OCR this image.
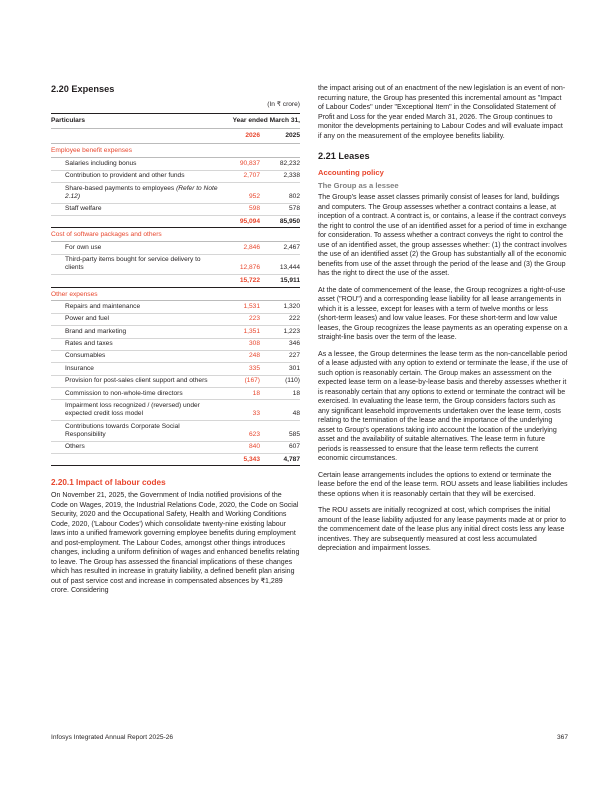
2.20 Expenses
(In ₹ crore)
Particulars	Year ended March 31,	
	2026	2025
Employee benefit expenses		
Salaries including bonus	90,837	82,232
Contribution to provident and other funds	2,707	2,338
Share-based payments to employees (Refer to Note 2.12)	952	802
Staff welfare	598	578
	95,094	85,950
Cost of software packages and others		
For own use	2,846	2,467
Third-party items bought for service delivery to clients	12,876	13,444
	15,722	15,911
Other expenses		
Repairs and maintenance	1,531	1,320
Power and fuel	223	222
Brand and marketing	1,351	1,223
Rates and taxes	308	346
Consumables	248	227
Insurance	335	301
Provision for post-sales client support and others	(167)	(110)
Commission to non-whole-time directors	18	18
Impairment loss recognized / (reversed) under expected credit loss model	33	48
Contributions towards Corporate Social Responsibility	623	585
Others	840	607
	5,343	4,787
2.20.1 Impact of labour codes

On November 21, 2025, the Government of India notified provisions of the Code on Wages, 2019, the Industrial Relations Code, 2020, the Code on Social Security, 2020 and the Occupational Safety, Health and Working Conditions Code, 2020, ('Labour Codes') which consolidate twenty-nine existing labour laws into a unified framework governing employee benefits during employment and post-employment. The Labour Codes, amongst other things introduces changes, including a uniform definition of wages and enhanced benefits relating to leave. The Group has assessed the financial implications of these changes which has resulted in increase in gratuity liability, a defined benefit plan arising out of past service cost and increase in compensated absences by ₹1,289 crore. Considering

the impact arising out of an enactment of the new legislation is an event of non-recurring nature, the Group has presented this incremental amount as "Impact of Labour Codes" under "Exceptional Item" in the Consolidated Statement of Profit and Loss for the year ended March 31, 2026. The Group continues to monitor the developments pertaining to Labour Codes and will evaluate impact if any on the measurement of the employee benefits liability.

2.21 Leases
Accounting policy
The Group as a lessee

The Group's lease asset classes primarily consist of leases for land, buildings and computers. The Group assesses whether a contract contains a lease, at inception of a contract. A contract is, or contains, a lease if the contract conveys the right to control the use of an identified asset for a period of time in exchange for consideration. To assess whether a contract conveys the right to control the use of an identified asset, the group assesses whether: (1) the contract involves the use of an identified asset (2) the Group has substantially all of the economic benefits from use of the asset through the period of the lease and (3) the Group has the right to direct the use of the asset.

At the date of commencement of the lease, the Group recognizes a right-of-use asset ("ROU") and a corresponding lease liability for all lease arrangements in which it is a lessee, except for leases with a term of twelve months or less (short-term leases) and low value leases. For these short-term and low value leases, the Group recognizes the lease payments as an operating expense on a straight-line basis over the term of the lease.

As a lessee, the Group determines the lease term as the non-cancellable period of a lease adjusted with any option to extend or terminate the lease, if the use of such option is reasonably certain. The Group makes an assessment on the expected lease term on a lease-by-lease basis and thereby assesses whether it is reasonably certain that any options to extend or terminate the contract will be exercised. In evaluating the lease term, the Group considers factors such as any significant leasehold improvements undertaken over the lease term, costs relating to the termination of the lease and the importance of the underlying asset to Group's operations taking into account the location of the underlying asset and the availability of suitable alternatives. The lease term in future periods is reassessed to ensure that the lease term reflects the current economic circumstances.

Certain lease arrangements includes the options to extend or terminate the lease before the end of the lease term. ROU assets and lease liabilities includes these options when it is reasonably certain that they will be exercised.

The ROU assets are initially recognized at cost, which comprises the initial amount of the lease liability adjusted for any lease payments made at or prior to the commencement date of the lease plus any initial direct costs less any lease incentives. They are subsequently measured at cost less accumulated depreciation and impairment losses.

Infosys Integrated Annual Report 2025-26	367
